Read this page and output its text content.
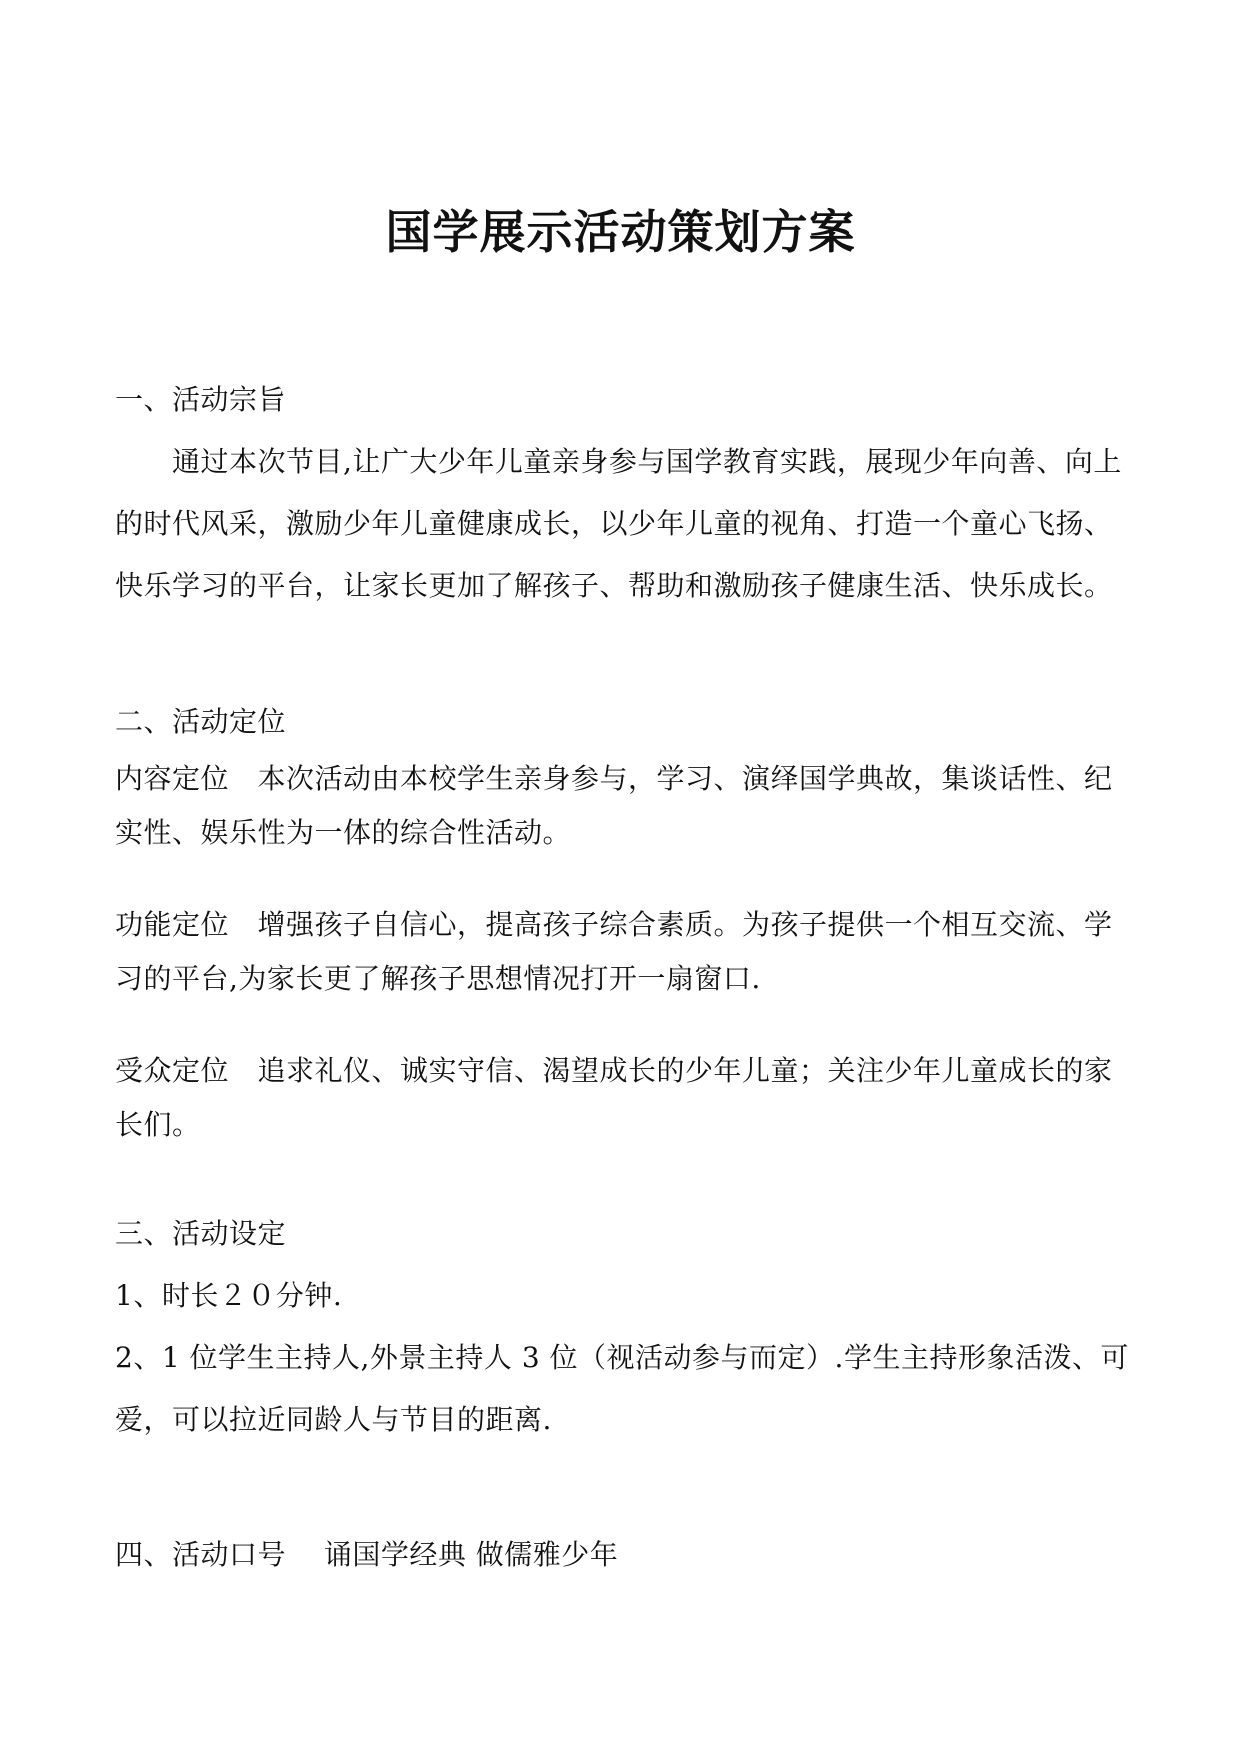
国学展示活动策划方案
一、活动宗旨
通过本次节目,让广大少年儿童亲身参与国学教育实践，展现少年向善、向上
的时代风采，激励少年儿童健康成长，以少年儿童的视角、打造一个童心飞扬、
快乐学习的平台，让家长更加了解孩子、帮助和激励孩子健康生活、快乐成长。
二、活动定位
内容定位　本次活动由本校学生亲身参与，学习、演绎国学典故，集谈话性、纪
实性、娱乐性为一体的综合性活动。
功能定位　增强孩子自信心，提高孩子综合素质。为孩子提供一个相互交流、学
习的平台,为家长更了解孩子思想情况打开一扇窗口.
受众定位　追求礼仪、诚实守信、渴望成长的少年儿童；关注少年儿童成长的家
长们。
三、活动设定
1、时长２０分钟.
2、1 位学生主持人,外景主持人 3 位（视活动参与而定）.学生主持形象活泼、可
爱，可以拉近同龄人与节目的距离.
四、活动口号　 诵国学经典 做儒雅少年
